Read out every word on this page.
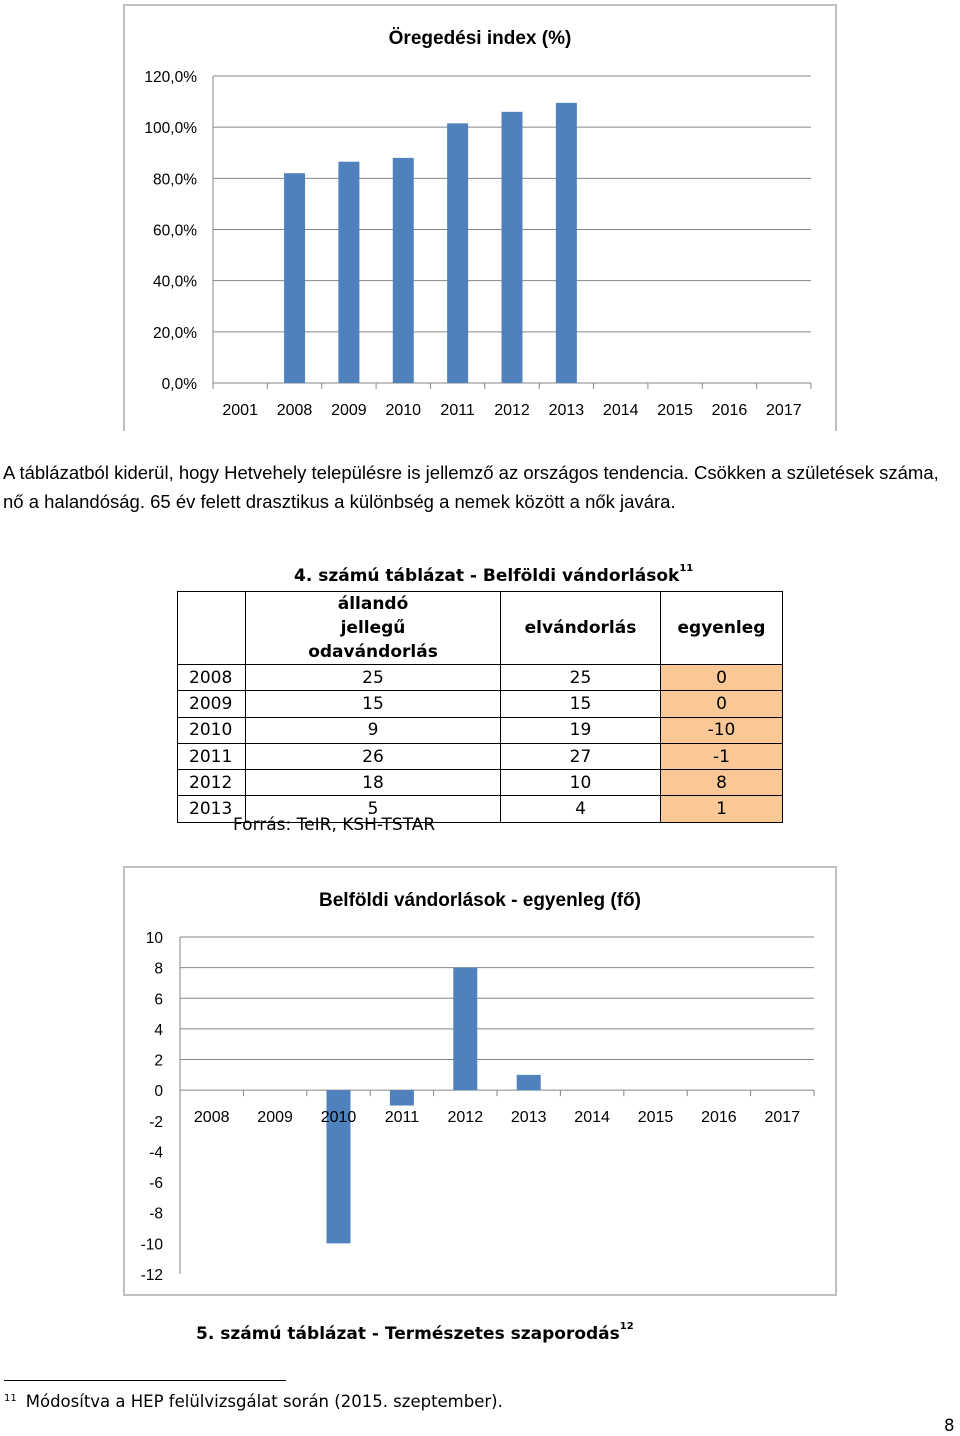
Öregedési index (%)
0,0%
20,0%
40,0%
60,0%
80,0%
100,0%
120,0%
2001 2008 2009 2010 2011 2012 2013 2014 2015 2016 2017
A táblázatból kiderül, hogy Hetvehely településre is jellemző az országos tendencia. Csökken a születések száma, nő a halandóság. 65 év felett drasztikus a különbség a nemek között a nők javára.
4. számú táblázat - Belföldi vándorlások$^{11}$
	állandó jellegű odavándorlás	elvándorlás	egyenleg
2008	25	25	0
2009	15	15	0
2010	9	19	-10
2011	26	27	-1
2012	18	10	8
2013	5	4	1
Forrás: TeIR, KSH-TSTAR
Belföldi vándorlások - egyenleg (fő)
-12
-10
-8
-6
-4
-2
0
2
4
6
8
10
2008 2009 2010 2011 2012 2013 2014 2015 2016 2017
5. számú táblázat - Természetes szaporodás$^{12}$
$^{11}$ Módosítva a HEP felülvizsgálat során (2015. szeptember).
8
